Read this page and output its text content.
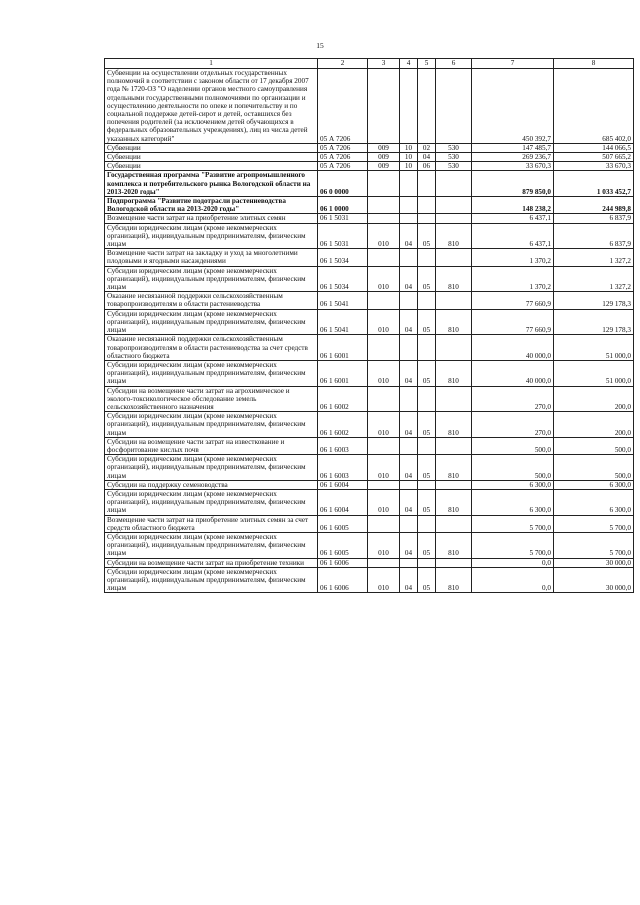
15
1	2	3	4	5	6	7	8
Субвенции на осуществлении отдельных государственных полномочий в соответствии с законом области от 17 декабря 2007 года № 1720-ОЗ "О наделении органов местного самоуправления отдельными государственными полномочиями по организации и осуществлению деятельности по опеке и попечительству и по социальной поддержке детей-сирот и детей, оставшихся без попечения родителей (за исключением детей обучающихся в федеральных образовательных учреждениях), лиц из числа детей указанных категорий"	05 А 7206					450 392,7	685 402,0
Субвенции	05 А 7206	009	10	02	530	147 485,7	144 066,5
Субвенции	05 А 7206	009	10	04	530	269 236,7	507 665,2
Субвенции	05 А 7206	009	10	06	530	33 670,3	33 670,3
Государственная программа "Развитие агропромышленного комплекса и потребительского рынка Вологодской области на 2013-2020 годы"	06 0 0000					879 850,0	1 033 452,7
Подпрограмма "Развитие подотрасли растениеводства Вологодской области на 2013-2020 годы"	06 1 0000					148 238,2	244 989,8
Возмещение части затрат на приобретение элитных семян	06 1 5031					6 437,1	6 837,9
Субсидии юридическим лицам (кроме некоммерческих организаций), индивидуальным предпринимателям, физическим лицам	06 1 5031	010	04	05	810	6 437,1	6 837,9
Возмещение части затрат на закладку и уход за многолетними плодовыми и ягодными насаждениями	06 1 5034					1 370,2	1 327,2
Субсидии юридическим лицам (кроме некоммерческих организаций), индивидуальным предпринимателям, физическим лицам	06 1 5034	010	04	05	810	1 370,2	1 327,2
Оказание несвязанной поддержки сельскохозяйственным товаропроизводителям в области растениеводства	06 1 5041					77 660,9	129 178,3
Субсидии юридическим лицам (кроме некоммерческих организаций), индивидуальным предпринимателям, физическим лицам	06 1 5041	010	04	05	810	77 660,9	129 178,3
Оказание несвязанной поддержки сельскохозяйственным товаропроизводителям в области растениеводства за счет средств областного бюджета	06 1 6001					40 000,0	51 000,0
Субсидии юридическим лицам (кроме некоммерческих организаций), индивидуальным предпринимателям, физическим лицам	06 1 6001	010	04	05	810	40 000,0	51 000,0
Субсидии на возмещение части затрат на агрохимическое и эколого-токсикологическое обследование земель сельскохозяйственного назначения	06 1 6002					270,0	200,0
Субсидии юридическим лицам (кроме некоммерческих организаций), индивидуальным предпринимателям, физическим лицам	06 1 6002	010	04	05	810	270,0	200,0
Субсидии на возмещение части затрат на известкование и фосфоритование кислых почв	06 1 6003					500,0	500,0
Субсидии юридическим лицам (кроме некоммерческих организаций), индивидуальным предпринимателям, физическим лицам	06 1 6003	010	04	05	810	500,0	500,0
Субсидии на поддержку семеноводства	06 1 6004					6 300,0	6 300,0
Субсидии юридическим лицам (кроме некоммерческих организаций), индивидуальным предпринимателям, физическим лицам	06 1 6004	010	04	05	810	6 300,0	6 300,0
Возмещение части затрат на приобретение элитных семян за счет средств областного бюджета	06 1 6005					5 700,0	5 700,0
Субсидии юридическим лицам (кроме некоммерческих организаций), индивидуальным предпринимателям, физическим лицам	06 1 6005	010	04	05	810	5 700,0	5 700,0
Субсидии на возмещение части затрат на приобретение техники	06 1 6006					0,0	30 000,0
Субсидии юридическим лицам (кроме некоммерческих организаций), индивидуальным предпринимателям, физическим лицам	06 1 6006	010	04	05	810	0,0	30 000,0
